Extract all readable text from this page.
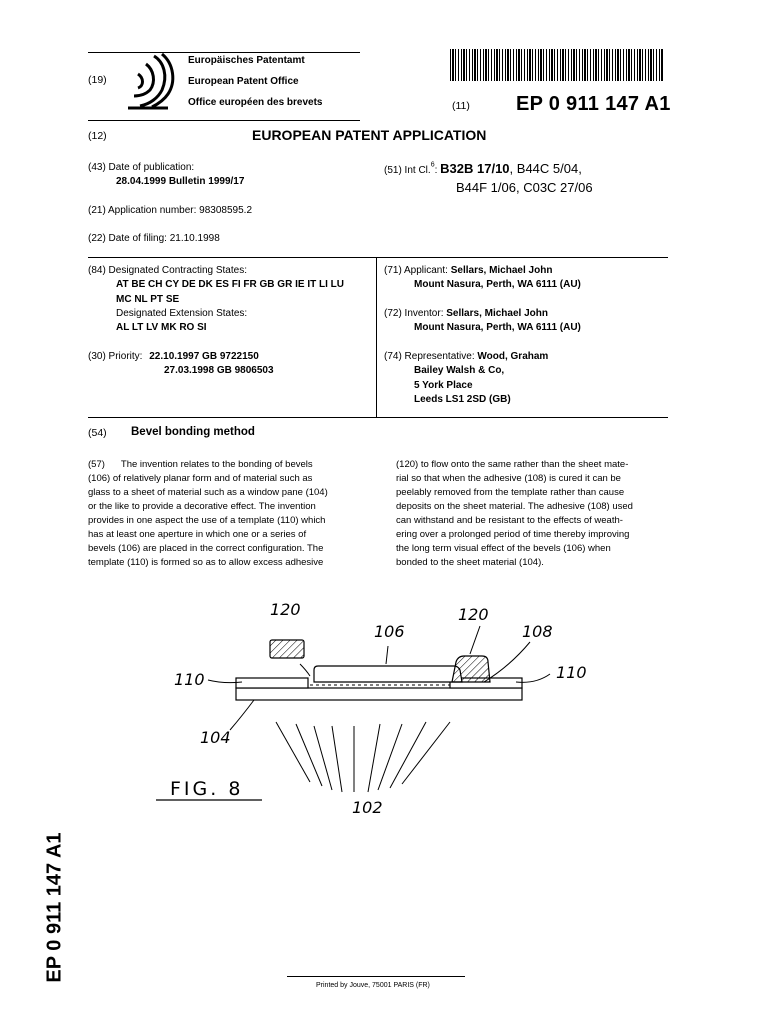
(19)
Europäisches Patentamt
European Patent Office
Office européen des brevets	(11) EP 0 911 147 A1
(12)	EUROPEAN PATENT APPLICATION
(43) Date of publication:
28.04.1999 Bulletin 1999/17
(51) Int Cl.$^6$: B32B 17/10, B44C 5/04,
B44F 1/06, C03C 27/06
(21) Application number: 98308595.2
(22) Date of filing: 21.10.1998
(84) Designated Contracting States:
AT BE CH CY DE DK ES FI FR GB GR IE IT LI LU
MC NL PT SE
Designated Extension States:
AL LT LV MK RO SI
(30) Priority: 22.10.1997 GB 9722150
27.03.1998 GB 9806503
(71) Applicant: Sellars, Michael John
Mount Nasura, Perth, WA 6111 (AU)
(72) Inventor: Sellars, Michael John
Mount Nasura, Perth, WA 6111 (AU)
(74) Representative: Wood, Graham
Bailey Walsh & Co,
5 York Place
Leeds LS1 2SD (GB)
(54) Bevel bonding method
(57) The invention relates to the bonding of bevels
(106) of relatively planar form and of material such as
glass to a sheet of material such as a window pane (104)
or the like to provide a decorative effect. The invention
provides in one aspect the use of a template (110) which
has at least one aperture in which one or a series of
bevels (106) are placed in the correct configuration. The
template (110) is formed so as to allow excess adhesive
(120) to flow onto the same rather than the sheet mate-
rial so that when the adhesive (108) is cured it can be
peelably removed from the template rather than cause
deposits on the sheet material. The adhesive (108) used
can withstand and be resistant to the effects of weath-
ering over a prolonged period of time thereby improving
the long term visual effect of the bevels (106) when
bonded to the sheet material (104).
120
106
120
108
110	110
104
102
FIG. 8
EP 0 911 147 A1
Printed by Jouve, 75001 PARIS (FR)
